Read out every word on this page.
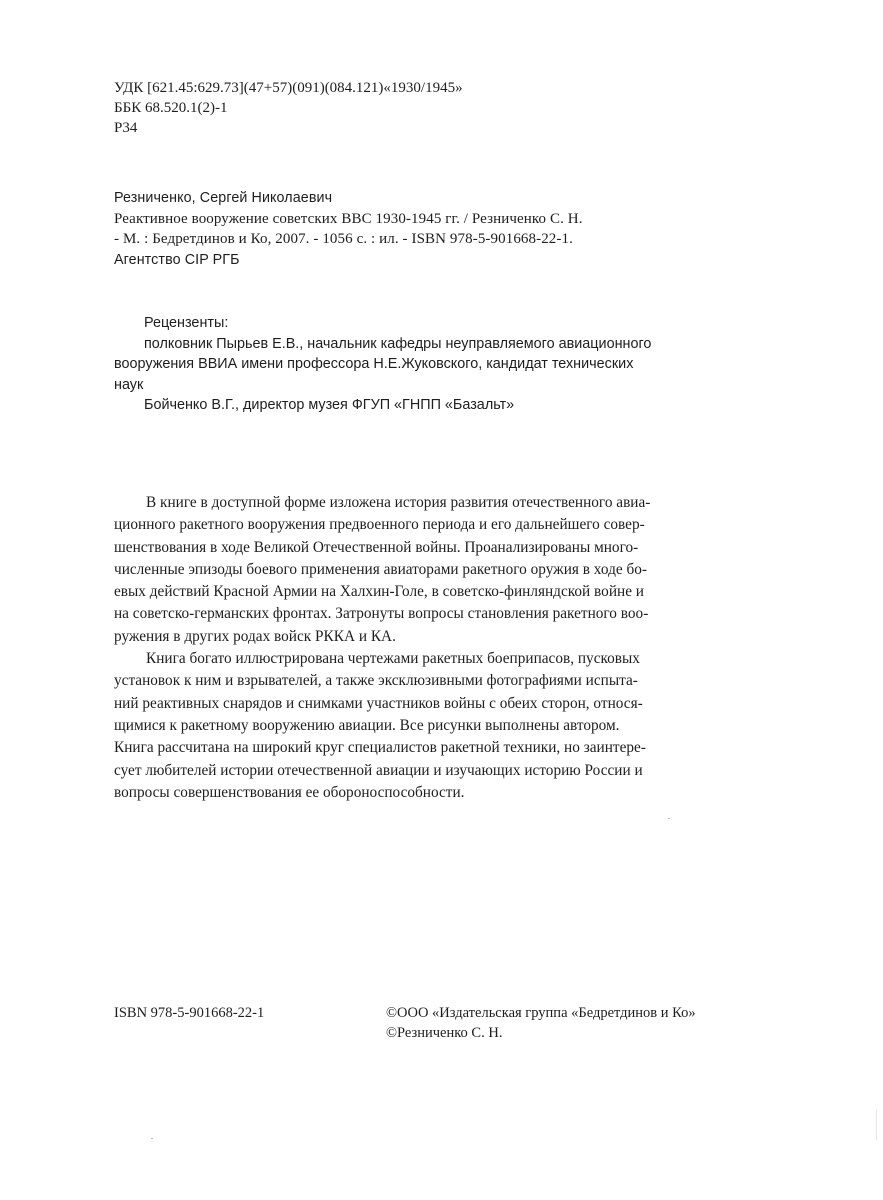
УДК [621.45:629.73](47+57)(091)(084.121)«1930/1945»
ББК 68.520.1(2)-1
Р34
Резниченко, Сергей Николаевич
Реактивное вооружение советских ВВС 1930-1945 гг. / Резниченко С. Н.
- М. : Бедретдинов и Ко, 2007. - 1056 с. : ил. - ISBN 978-5-901668-22-1.
Агентство CIP РГБ
Рецензенты:
полковник Пырьев Е.В., начальник кафедры неуправляемого авиационного
вооружения ВВИА имени профессора Н.Е.Жуковского, кандидат технических
наук
Бойченко В.Г., директор музея ФГУП «ГНПП «Базальт»
В книге в доступной форме изложена история развития отечественного авиа-
ционного ракетного вооружения предвоенного периода и его дальнейшего совер-
шенствования в ходе Великой Отечественной войны. Проанализированы много-
численные эпизоды боевого применения авиаторами ракетного оружия в ходе бо-
евых действий Красной Армии на Халхин-Голе, в советско-финляндской войне и
на советско-германских фронтах. Затронуты вопросы становления ракетного воо-
ружения в других родах войск РККА и КА.
Книга богато иллюстрирована чертежами ракетных боеприпасов, пусковых
установок к ним и взрывателей, а также эксклюзивными фотографиями испыта-
ний реактивных снарядов и снимками участников войны с обеих сторон, относя-
щимися к ракетному вооружению авиации. Все рисунки выполнены автором.
Книга рассчитана на широкий круг специалистов ракетной техники, но заинтере-
сует любителей истории отечественной авиации и изучающих историю России и
вопросы совершенствования ее обороноспособности.
ISBN 978-5-901668-22-1	©ООО «Издательская группа «Бедретдинов и Ко»
©Резниченко С. Н.
